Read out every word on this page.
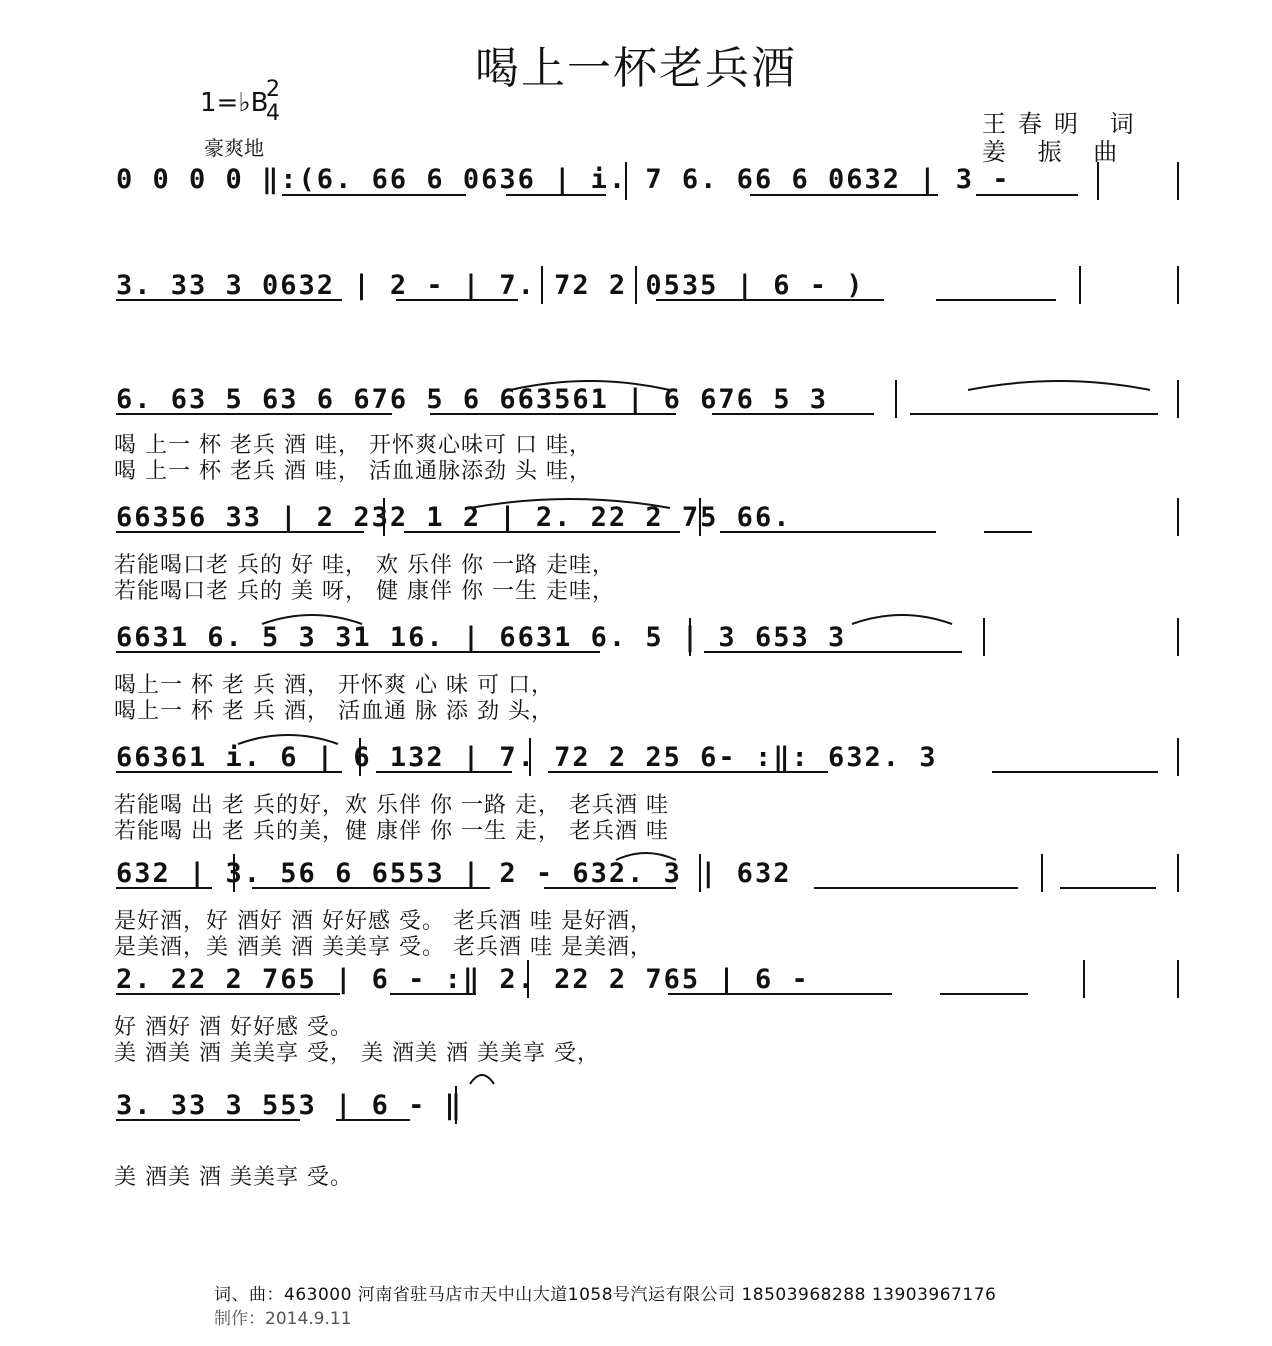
喝上一杯老兵酒
1=♭B
2
4
豪爽地
王春明 词
姜 振 曲
0 0 0 0 ‖:(6. 66 6 0636 | i. 7 6. 66 6 0632 | 3 -
3. 33 3 0632 | 2 - | 7. 72 2 0535 | 6 - )
6. 63 5 63 6 676 5 6 663561 | 6 676 5 3
喝 上一 杯 老兵 酒 哇， 开怀爽心味可 口 哇，
喝 上一 杯 老兵 酒 哇， 活血通脉添劲 头 哇，
66356 33 | 2 232 1 2 | 2. 22 2 75 66.
若能喝口老 兵的 好 哇， 欢 乐伴 你 一路 走哇，
若能喝口老 兵的 美 呀， 健 康伴 你 一生 走哇，
6631 6. 5 3 31 16. | 6631 6. 5 | 3 653 3
喝上一 杯 老 兵 酒， 开怀爽 心 味 可 口，
喝上一 杯 老 兵 酒， 活血通 脉 添 劲 头，
66361 i. 6 | 6 132 | 7. 72 2 25 6- :‖: 632. 3
若能喝 出 老 兵的好，欢 乐伴 你 一路 走， 老兵酒 哇
若能喝 出 老 兵的美，健 康伴 你 一生 走， 老兵酒 哇
632 | 3. 56 6 6553 | 2 - 632. 3 | 632
是好酒，好 酒好 酒 好好感 受。 老兵酒 哇 是好酒，
是美酒，美 酒美 酒 美美享 受。 老兵酒 哇 是美酒，
2. 22 2 765 | 6 - :‖ 2. 22 2 765 | 6 -
好 酒好 酒 好好感 受。
美 酒美 酒 美美享 受， 美 酒美 酒 美美享 受，
3. 33 3 553 | 6 - ‖
美 酒美 酒 美美享 受。
词、曲：463000 河南省驻马店市天中山大道1058号汽运有限公司 18503968288 13903967176
制作：2014.9.11
